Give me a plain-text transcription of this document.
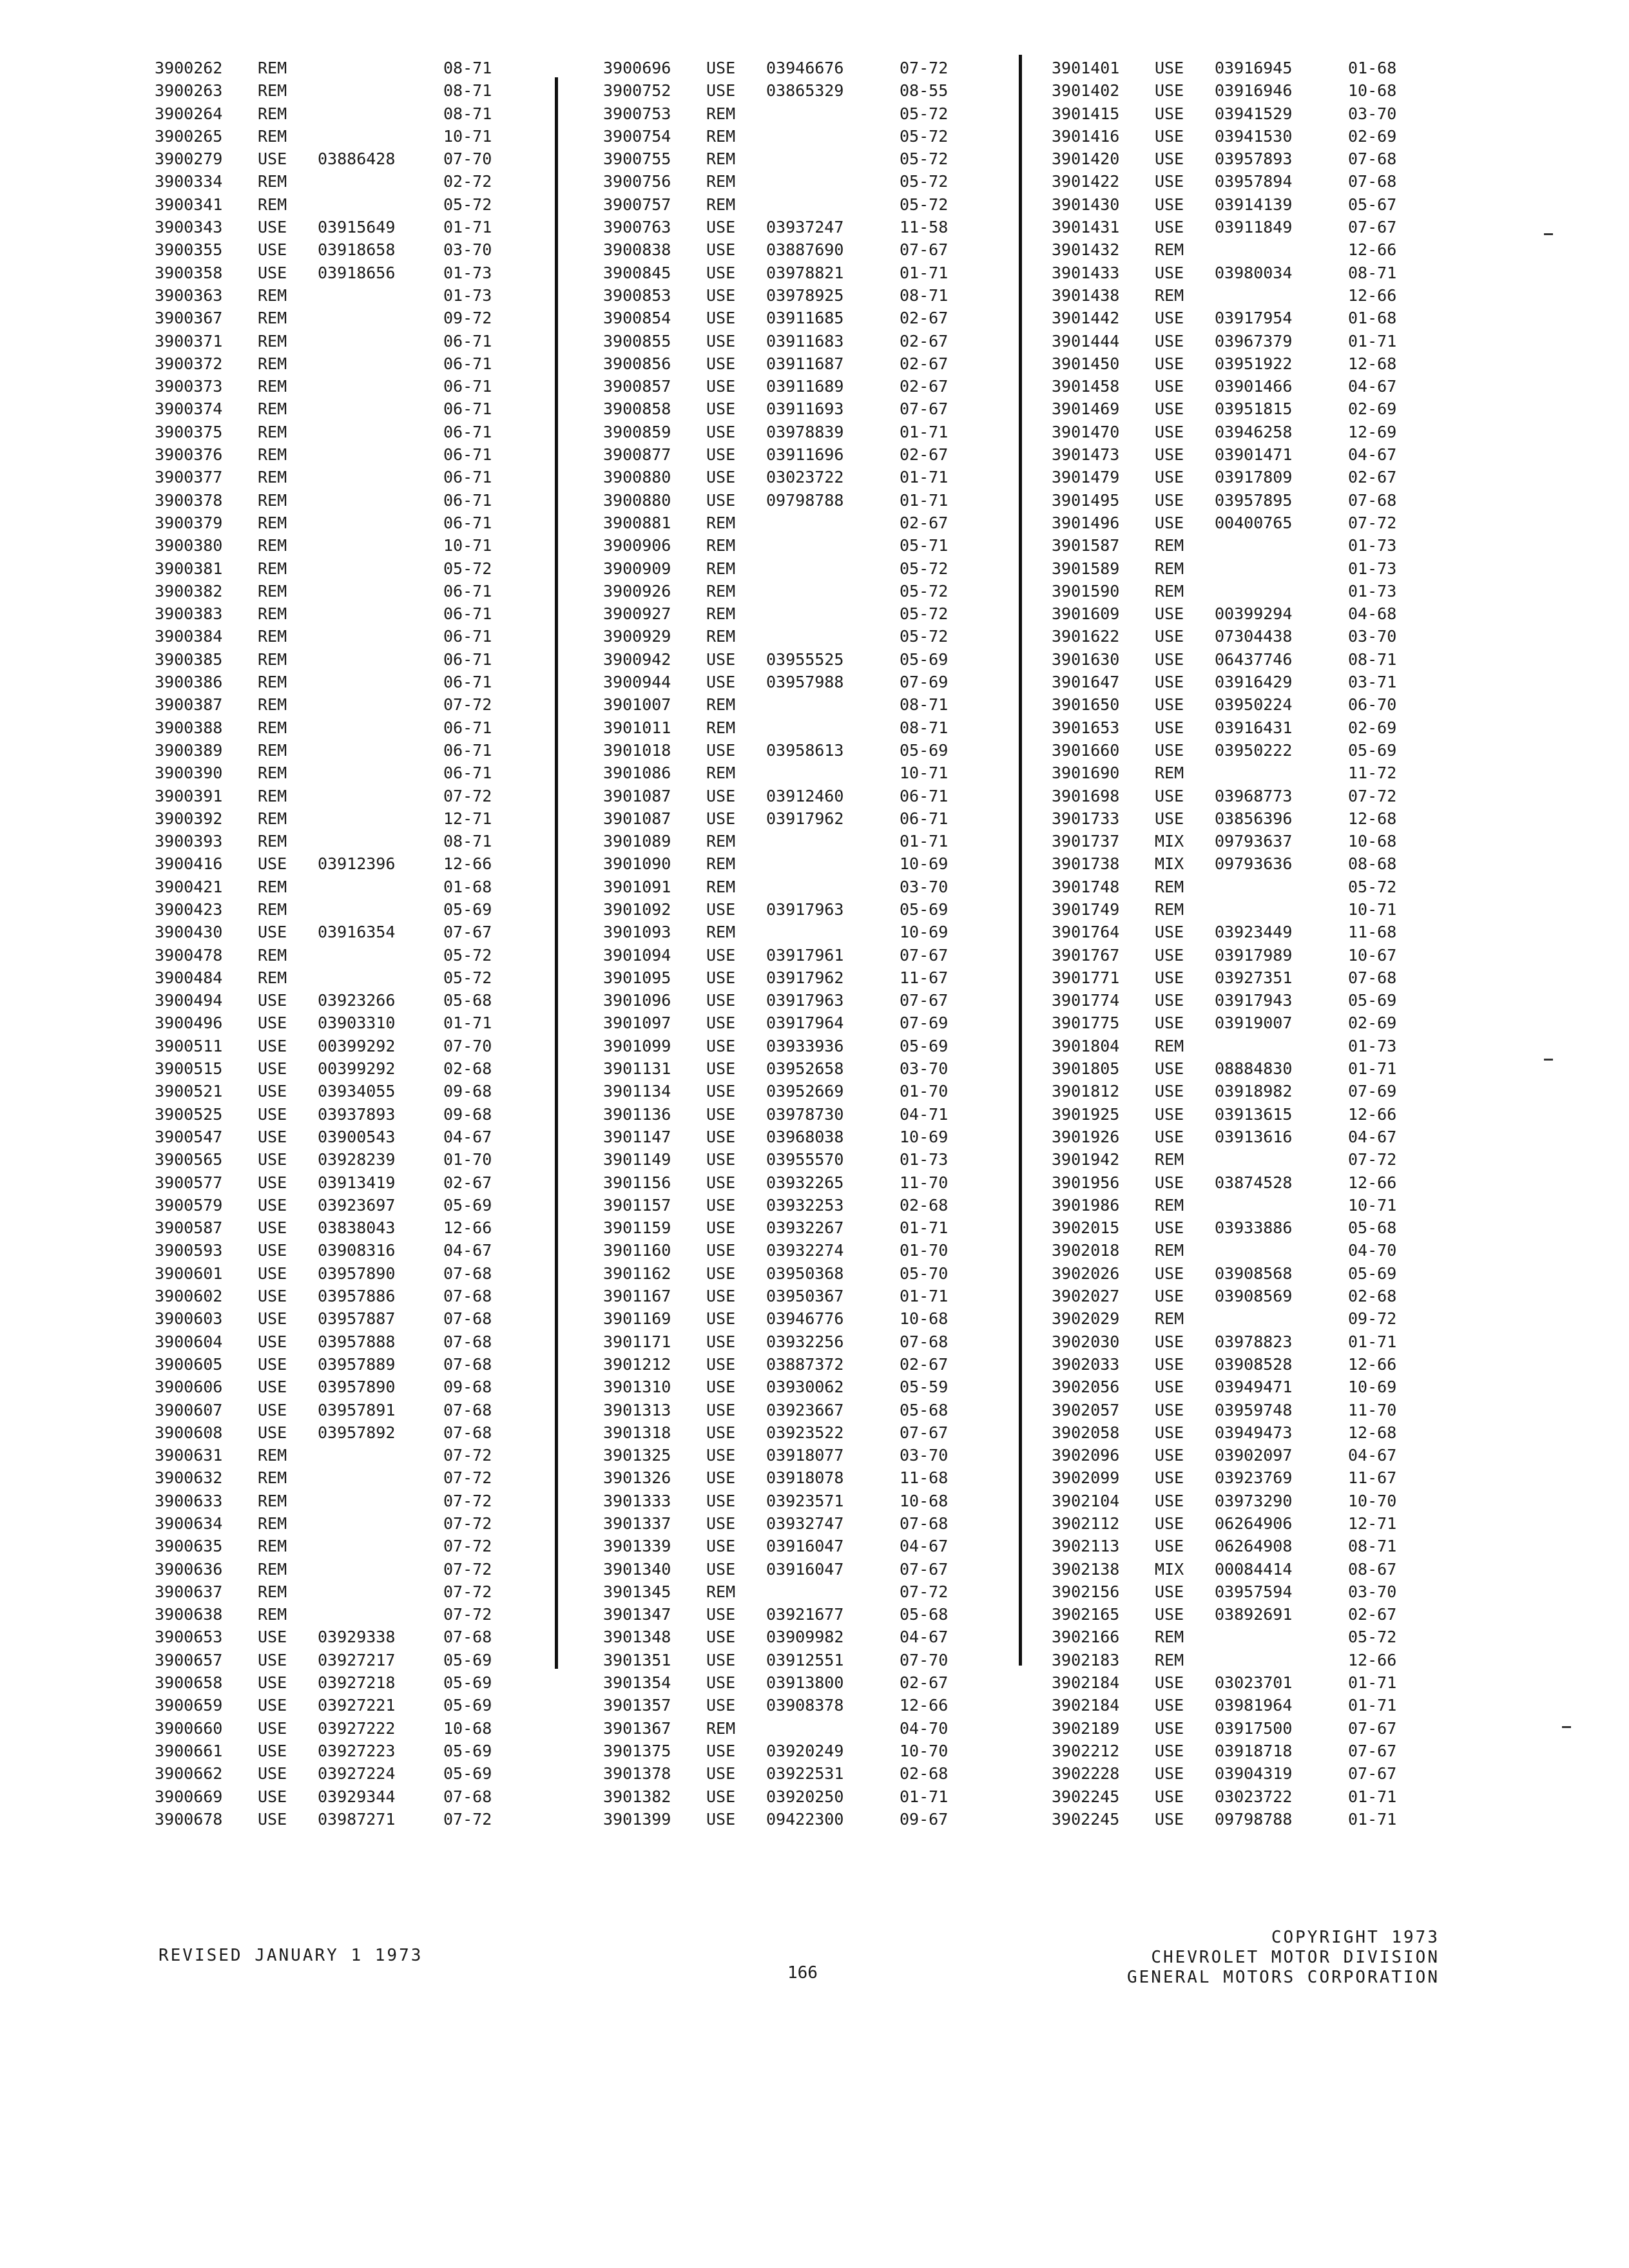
3900262 REM	08-71
3900263 REM	08-71
3900264 REM	08-71
3900265 REM	10-71
3900279 USE 03886428	07-70
3900334 REM	02-72
3900341 REM	05-72
3900343 USE 03915649	01-71
3900355 USE 03918658	03-70
3900358 USE 03918656	01-73
3900363 REM	01-73
3900367 REM	09-72
3900371 REM	06-71
3900372 REM	06-71
3900373 REM	06-71
3900374 REM	06-71
3900375 REM	06-71
3900376 REM	06-71
3900377 REM	06-71
3900378 REM	06-71
3900379 REM	06-71
3900380 REM	10-71
3900381 REM	05-72
3900382 REM	06-71
3900383 REM	06-71
3900384 REM	06-71
3900385 REM	06-71
3900386 REM	06-71
3900387 REM	07-72
3900388 REM	06-71
3900389 REM	06-71
3900390 REM	06-71
3900391 REM	07-72
3900392 REM	12-71
3900393 REM	08-71
3900416 USE 03912396	12-66
3900421 REM	01-68
3900423 REM	05-69
3900430 USE 03916354	07-67
3900478 REM	05-72
3900484 REM	05-72
3900494 USE 03923266	05-68
3900496 USE 03903310	01-71
3900511 USE 00399292	07-70
3900515 USE 00399292	02-68
3900521 USE 03934055	09-68
3900525 USE 03937893	09-68
3900547 USE 03900543	04-67
3900565 USE 03928239	01-70
3900577 USE 03913419	02-67
3900579 USE 03923697	05-69
3900587 USE 03838043	12-66
3900593 USE 03908316	04-67
3900601 USE 03957890	07-68
3900602 USE 03957886	07-68
3900603 USE 03957887	07-68
3900604 USE 03957888	07-68
3900605 USE 03957889	07-68
3900606 USE 03957890	09-68
3900607 USE 03957891	07-68
3900608 USE 03957892	07-68
3900631 REM	07-72
3900632 REM	07-72
3900633 REM	07-72
3900634 REM	07-72
3900635 REM	07-72
3900636 REM	07-72
3900637 REM	07-72
3900638 REM	07-72
3900653 USE 03929338	07-68
3900657 USE 03927217	05-69
3900658 USE 03927218	05-69
3900659 USE 03927221	05-69
3900660 USE 03927222	10-68
3900661 USE 03927223	05-69
3900662 USE 03927224	05-69
3900669 USE 03929344	07-68
3900678 USE 03987271	07-72
3900696 USE 03946676	07-72
3900752 USE 03865329	08-55
3900753 REM	05-72
3900754 REM	05-72
3900755 REM	05-72
3900756 REM	05-72
3900757 REM	05-72
3900763 USE 03937247	11-58
3900838 USE 03887690	07-67
3900845 USE 03978821	01-71
3900853 USE 03978925	08-71
3900854 USE 03911685	02-67
3900855 USE 03911683	02-67
3900856 USE 03911687	02-67
3900857 USE 03911689	02-67
3900858 USE 03911693	07-67
3900859 USE 03978839	01-71
3900877 USE 03911696	02-67
3900880 USE 03023722	01-71
3900880 USE 09798788	01-71
3900881 REM	02-67
3900906 REM	05-71
3900909 REM	05-72
3900926 REM	05-72
3900927 REM	05-72
3900929 REM	05-72
3900942 USE 03955525	05-69
3900944 USE 03957988	07-69
3901007 REM	08-71
3901011 REM	08-71
3901018 USE 03958613	05-69
3901086 REM	10-71
3901087 USE 03912460	06-71
3901087 USE 03917962	06-71
3901089 REM	01-71
3901090 REM	10-69
3901091 REM	03-70
3901092 USE 03917963	05-69
3901093 REM	10-69
3901094 USE 03917961	07-67
3901095 USE 03917962	11-67
3901096 USE 03917963	07-67
3901097 USE 03917964	07-69
3901099 USE 03933936	05-69
3901131 USE 03952658	03-70
3901134 USE 03952669	01-70
3901136 USE 03978730	04-71
3901147 USE 03968038	10-69
3901149 USE 03955570	01-73
3901156 USE 03932265	11-70
3901157 USE 03932253	02-68
3901159 USE 03932267	01-71
3901160 USE 03932274	01-70
3901162 USE 03950368	05-70
3901167 USE 03950367	01-71
3901169 USE 03946776	10-68
3901171 USE 03932256	07-68
3901212 USE 03887372	02-67
3901310 USE 03930062	05-59
3901313 USE 03923667	05-68
3901318 USE 03923522	07-67
3901325 USE 03918077	03-70
3901326 USE 03918078	11-68
3901333 USE 03923571	10-68
3901337 USE 03932747	07-68
3901339 USE 03916047	04-67
3901340 USE 03916047	07-67
3901345 REM	07-72
3901347 USE 03921677	05-68
3901348 USE 03909982	04-67
3901351 USE 03912551	07-70
3901354 USE 03913800	02-67
3901357 USE 03908378	12-66
3901367 REM	04-70
3901375 USE 03920249	10-70
3901378 USE 03922531	02-68
3901382 USE 03920250	01-71
3901399 USE 09422300	09-67
3901401 USE 03916945	01-68
3901402 USE 03916946	10-68
3901415 USE 03941529	03-70
3901416 USE 03941530	02-69
3901420 USE 03957893	07-68
3901422 USE 03957894	07-68
3901430 USE 03914139	05-67
3901431 USE 03911849	07-67
3901432 REM	12-66
3901433 USE 03980034	08-71
3901438 REM	12-66
3901442 USE 03917954	01-68
3901444 USE 03967379	01-71
3901450 USE 03951922	12-68
3901458 USE 03901466	04-67
3901469 USE 03951815	02-69
3901470 USE 03946258	12-69
3901473 USE 03901471	04-67
3901479 USE 03917809	02-67
3901495 USE 03957895	07-68
3901496 USE 00400765	07-72
3901587 REM	01-73
3901589 REM	01-73
3901590 REM	01-73
3901609 USE 00399294	04-68
3901622 USE 07304438	03-70
3901630 USE 06437746	08-71
3901647 USE 03916429	03-71
3901650 USE 03950224	06-70
3901653 USE 03916431	02-69
3901660 USE 03950222	05-69
3901690 REM	11-72
3901698 USE 03968773	07-72
3901733 USE 03856396	12-68
3901737 MIX 09793637	10-68
3901738 MIX 09793636	08-68
3901748 REM	05-72
3901749 REM	10-71
3901764 USE 03923449	11-68
3901767 USE 03917989	10-67
3901771 USE 03927351	07-68
3901774 USE 03917943	05-69
3901775 USE 03919007	02-69
3901804 REM	01-73
3901805 USE 08884830	01-71
3901812 USE 03918982	07-69
3901925 USE 03913615	12-66
3901926 USE 03913616	04-67
3901942 REM	07-72
3901956 USE 03874528	12-66
3901986 REM	10-71
3902015 USE 03933886	05-68
3902018 REM	04-70
3902026 USE 03908568	05-69
3902027 USE 03908569	02-68
3902029 REM	09-72
3902030 USE 03978823	01-71
3902033 USE 03908528	12-66
3902056 USE 03949471	10-69
3902057 USE 03959748	11-70
3902058 USE 03949473	12-68
3902096 USE 03902097	04-67
3902099 USE 03923769	11-67
3902104 USE 03973290	10-70
3902112 USE 06264906	12-71
3902113 USE 06264908	08-71
3902138 MIX 00084414	08-67
3902156 USE 03957594	03-70
3902165 USE 03892691	02-67
3902166 REM	05-72
3902183 REM	12-66
3902184 USE 03023701	01-71
3902184 USE 03981964	01-71
3902189 USE 03917500	07-67
3902212 USE 03918718	07-67
3902228 USE 03904319	07-67
3902245 USE 03023722	01-71
3902245 USE 09798788	01-71
REVISED JANUARY 1 1973
166
COPYRIGHT 1973
CHEVROLET MOTOR DIVISION
GENERAL MOTORS CORPORATION
